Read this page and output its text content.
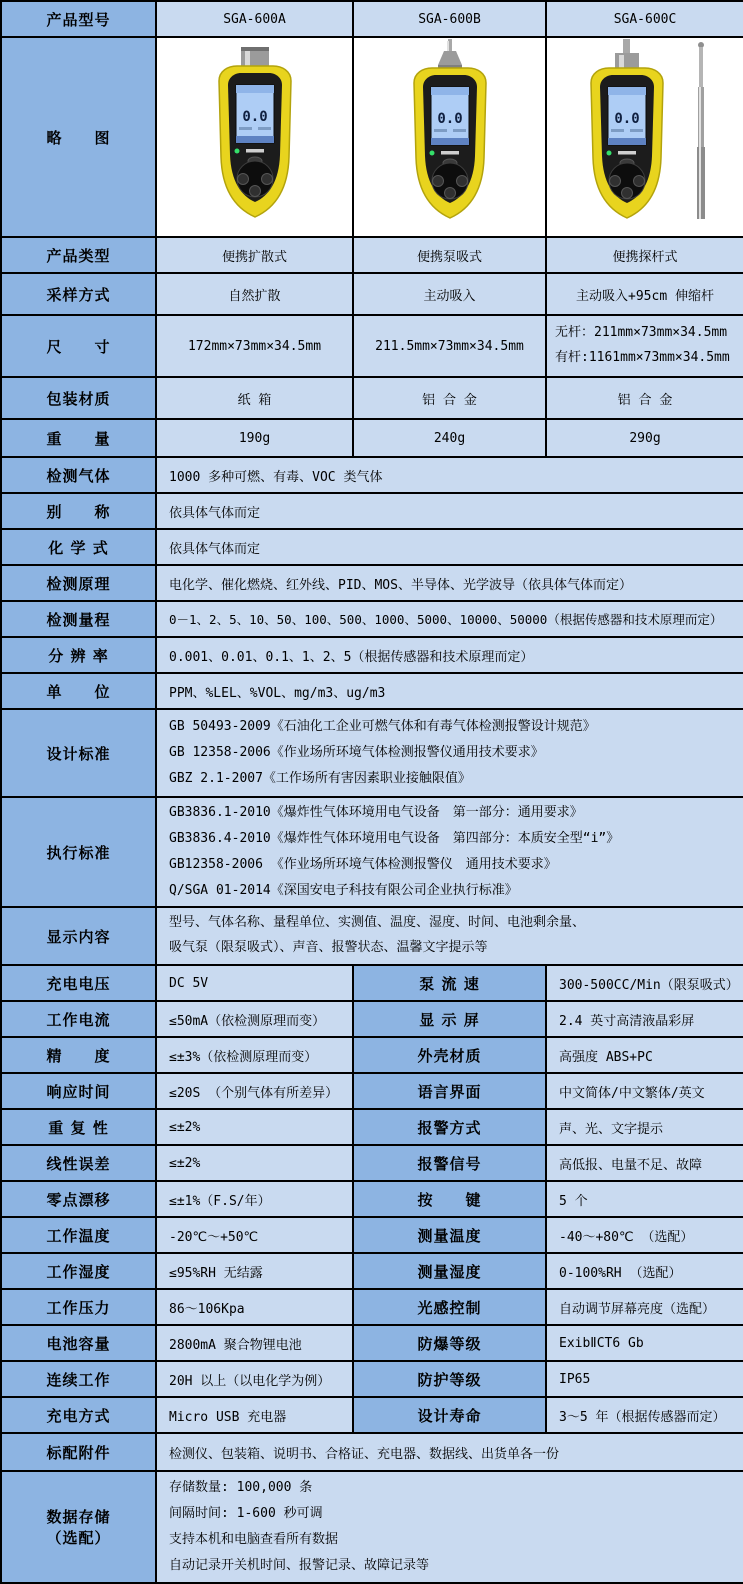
产品型号	SGA-600A	SGA-600B	SGA-600C
略　　图	0.0	0.0	0.0

产品类型	便携扩散式	便携泵吸式	便携探杆式
采样方式	自然扩散	主动吸入	主动吸入+95cm 伸缩杆
尺　　寸	172mm×73mm×34.5mm	211.5mm×73mm×34.5mm	无杆：211mm×73mm×34.5mm
有杆:1161mm×73mm×34.5mm

包装材质	纸 箱	铝 合 金	铝 合 金
重　　量	190g	240g	290g
检测气体	1000 多种可燃、有毒、VOC 类气体		
别　　称	依具体气体而定		
化 学 式	依具体气体而定		
检测原理	电化学、催化燃烧、红外线、PID、MOS、半导体、光学波导（依具体气体而定）		
检测量程	0－1、2、5、10、50、100、500、1000、5000、10000、50000（根据传感器和技术原理而定）		
分 辨 率	0.001、0.01、0.1、1、2、5（根据传感器和技术原理而定）		
单　　位	PPM、%LEL、%VOL、mg/m3、ug/m3		
设计标准	GB 50493-2009《石油化工企业可燃气体和有毒气体检测报警设计规范》
GB 12358-2006《作业场所环境气体检测报警仪通用技术要求》
GBZ 2.1-2007《工作场所有害因素职业接触限值》		

执行标准	GB3836.1-2010《爆炸性气体环境用电气设备　第一部分：通用要求》
GB3836.4-2010《爆炸性气体环境用电气设备　第四部分：本质安全型“i”》
GB12358-2006 《作业场所环境气体检测报警仪　通用技术要求》
Q/SGA 01-2014《深国安电子科技有限公司企业执行标准》		

显示内容	型号、气体名称、量程单位、实测值、温度、湿度、时间、电池剩余量、
吸气泵（限泵吸式）、声音、报警状态、温馨文字提示等		

充电电压	DC 5V	泵 流 速	300-500CC/Min（限泵吸式）
工作电流	≤50mA（依检测原理而变）	显 示 屏	2.4 英寸高清液晶彩屏
精　　度	≤±3%（依检测原理而变）	外壳材质	高强度 ABS+PC
响应时间	≤20S （个别气体有所差异）	语言界面	中文简体/中文繁体/英文
重 复 性	≤±2%	报警方式	声、光、文字提示
线性误差	≤±2%	报警信号	高低报、电量不足、故障
零点漂移	≤±1%（F.S/年）	按　　键	5 个
工作温度	-20℃～+50℃	测量温度	-40～+80℃ （选配）
工作湿度	≤95%RH 无结露	测量湿度	0-100%RH （选配）
工作压力	86～106Kpa	光感控制	自动调节屏幕亮度（选配）
电池容量	2800mA 聚合物锂电池	防爆等级	ExibⅡCT6 Gb
连续工作	20H 以上（以电化学为例）	防护等级	IP65
充电方式	Micro USB 充电器	设计寿命	3～5 年（根据传感器而定）
标配附件	检测仪、包装箱、说明书、合格证、充电器、数据线、出货单各一份		

数据存储
（选配）

存储数量: 100,000 条
间隔时间: 1-600 秒可调
支持本机和电脑查看所有数据
自动记录开关机时间、报警记录、故障记录等
